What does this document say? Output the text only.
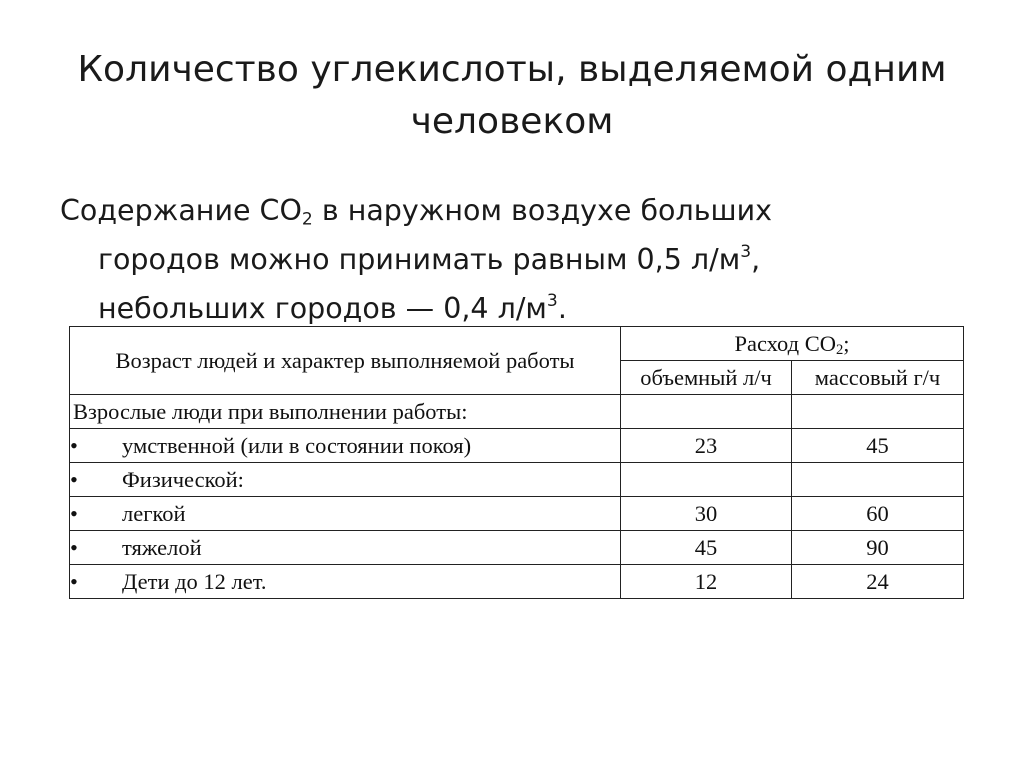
Количество углекислоты, выделяемой одним человеком
Содержание $CO_2$ в наружном воздухе больших
городов можно принимать равным 0,5 $л/м^3$,
небольших городов — 0,4 $л/м^3$.
Возраст людей и характер выполняемой работы	Расход $CO_2$;	
	объемный л/ч	массовый г/ч
Взрослые люди при выполнении работы:		
• умственной (или в состоянии покоя)	23	45
• Физической:		
• легкой	30	60
• тяжелой	45	90
• Дети до 12 лет.	12	24
